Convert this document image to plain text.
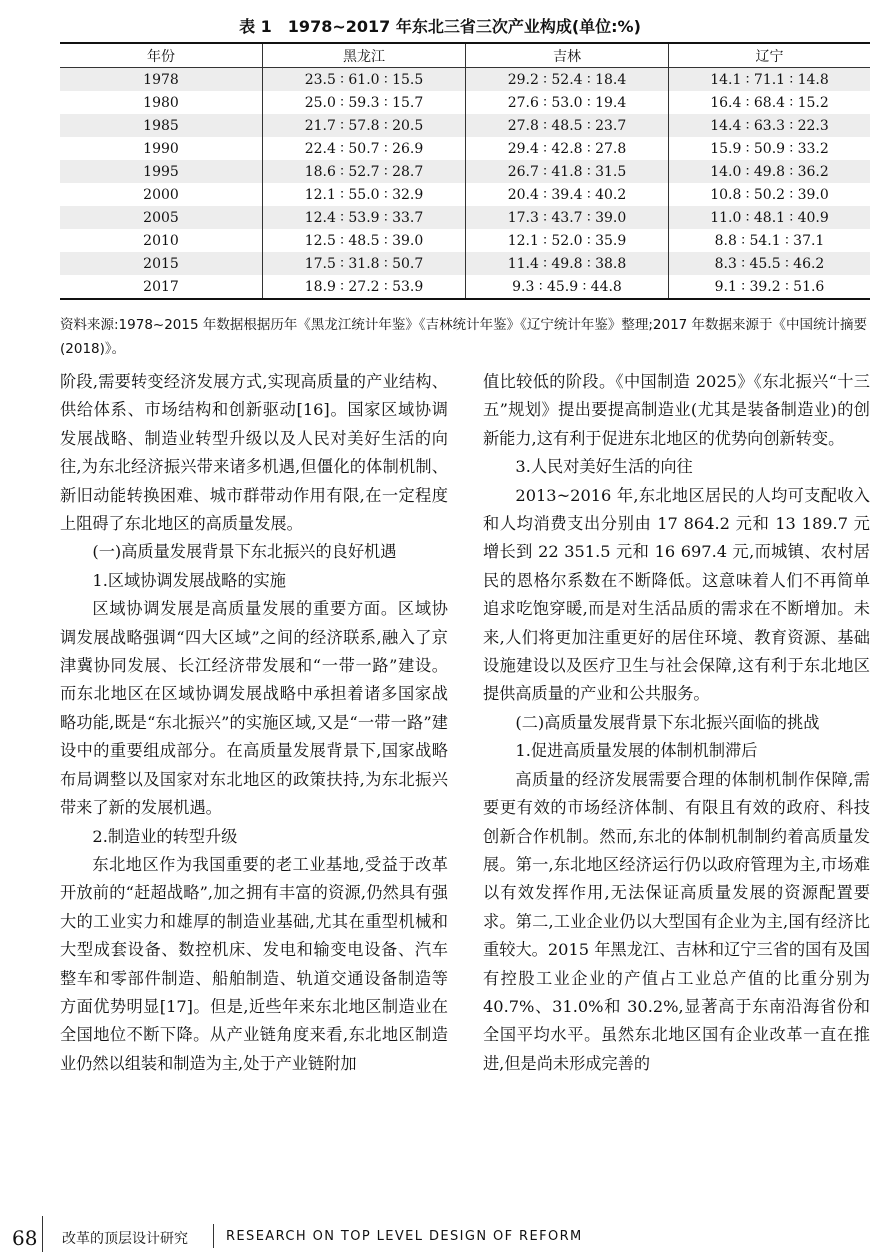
表 1　1978~2017 年东北三省三次产业构成(单位:%)
年份	黑龙江	吉林	辽宁
1978	23.5 ∶ 61.0 ∶ 15.5	29.2 ∶ 52.4 ∶ 18.4	14.1 ∶ 71.1 ∶ 14.8
1980	25.0 ∶ 59.3 ∶ 15.7	27.6 ∶ 53.0 ∶ 19.4	16.4 ∶ 68.4 ∶ 15.2
1985	21.7 ∶ 57.8 ∶ 20.5	27.8 ∶ 48.5 ∶ 23.7	14.4 ∶ 63.3 ∶ 22.3
1990	22.4 ∶ 50.7 ∶ 26.9	29.4 ∶ 42.8 ∶ 27.8	15.9 ∶ 50.9 ∶ 33.2
1995	18.6 ∶ 52.7 ∶ 28.7	26.7 ∶ 41.8 ∶ 31.5	14.0 ∶ 49.8 ∶ 36.2
2000	12.1 ∶ 55.0 ∶ 32.9	20.4 ∶ 39.4 ∶ 40.2	10.8 ∶ 50.2 ∶ 39.0
2005	12.4 ∶ 53.9 ∶ 33.7	17.3 ∶ 43.7 ∶ 39.0	11.0 ∶ 48.1 ∶ 40.9
2010	12.5 ∶ 48.5 ∶ 39.0	12.1 ∶ 52.0 ∶ 35.9	8.8 ∶ 54.1 ∶ 37.1
2015	17.5 ∶ 31.8 ∶ 50.7	11.4 ∶ 49.8 ∶ 38.8	8.3 ∶ 45.5 ∶ 46.2
2017	18.9 ∶ 27.2 ∶ 53.9	9.3 ∶ 45.9 ∶ 44.8	9.1 ∶ 39.2 ∶ 51.6
资料来源:1978~2015 年数据根据历年《黑龙江统计年鉴》《吉林统计年鉴》《辽宁统计年鉴》整理;2017 年数据来源于《中国统计摘要(2018)》。

阶段,需要转变经济发展方式,实现高质量的产业结构、供给体系、市场结构和创新驱动[16]。国家区域协调发展战略、制造业转型升级以及人民对美好生活的向往,为东北经济振兴带来诸多机遇,但僵化的体制机制、新旧动能转换困难、城市群带动作用有限,在一定程度上阻碍了东北地区的高质量发展。

(一)高质量发展背景下东北振兴的良好机遇

1.区域协调发展战略的实施

区域协调发展是高质量发展的重要方面。区域协调发展战略强调“四大区域”之间的经济联系,融入了京津冀协同发展、长江经济带发展和“一带一路”建设。而东北地区在区域协调发展战略中承担着诸多国家战略功能,既是“东北振兴”的实施区域,又是“一带一路”建设中的重要组成部分。在高质量发展背景下,国家战略布局调整以及国家对东北地区的政策扶持,为东北振兴带来了新的发展机遇。

2.制造业的转型升级

东北地区作为我国重要的老工业基地,受益于改革开放前的“赶超战略”,加之拥有丰富的资源,仍然具有强大的工业实力和雄厚的制造业基础,尤其在重型机械和大型成套设备、数控机床、发电和输变电设备、汽车整车和零部件制造、船舶制造、轨道交通设备制造等方面优势明显[17]。但是,近些年来东北地区制造业在全国地位不断下降。从产业链角度来看,东北地区制造业仍然以组装和制造为主,处于产业链附加

值比较低的阶段。《中国制造 2025》《东北振兴“十三五”规划》提出要提高制造业(尤其是装备制造业)的创新能力,这有利于促进东北地区的优势向创新转变。

3.人民对美好生活的向往

2013~2016 年,东北地区居民的人均可支配收入和人均消费支出分别由 17 864.2 元和 13 189.7 元增长到 22 351.5 元和 16 697.4 元,而城镇、农村居民的恩格尔系数在不断降低。这意味着人们不再简单追求吃饱穿暖,而是对生活品质的需求在不断增加。未来,人们将更加注重更好的居住环境、教育资源、基础设施建设以及医疗卫生与社会保障,这有利于东北地区提供高质量的产业和公共服务。

(二)高质量发展背景下东北振兴面临的挑战

1.促进高质量发展的体制机制滞后

高质量的经济发展需要合理的体制机制作保障,需要更有效的市场经济体制、有限且有效的政府、科技创新合作机制。然而,东北的体制机制制约着高质量发展。第一,东北地区经济运行仍以政府管理为主,市场难以有效发挥作用,无法保证高质量发展的资源配置要求。第二,工业企业仍以大型国有企业为主,国有经济比重较大。2015 年黑龙江、吉林和辽宁三省的国有及国有控股工业企业的产值占工业总产值的比重分别为 40.7%、31.0%和 30.2%,显著高于东南沿海省份和全国平均水平。虽然东北地区国有企业改革一直在推进,但是尚未形成完善的

68 改革的顶层设计研究	RESEARCH ON TOP LEVEL DESIGN OF REFORM
